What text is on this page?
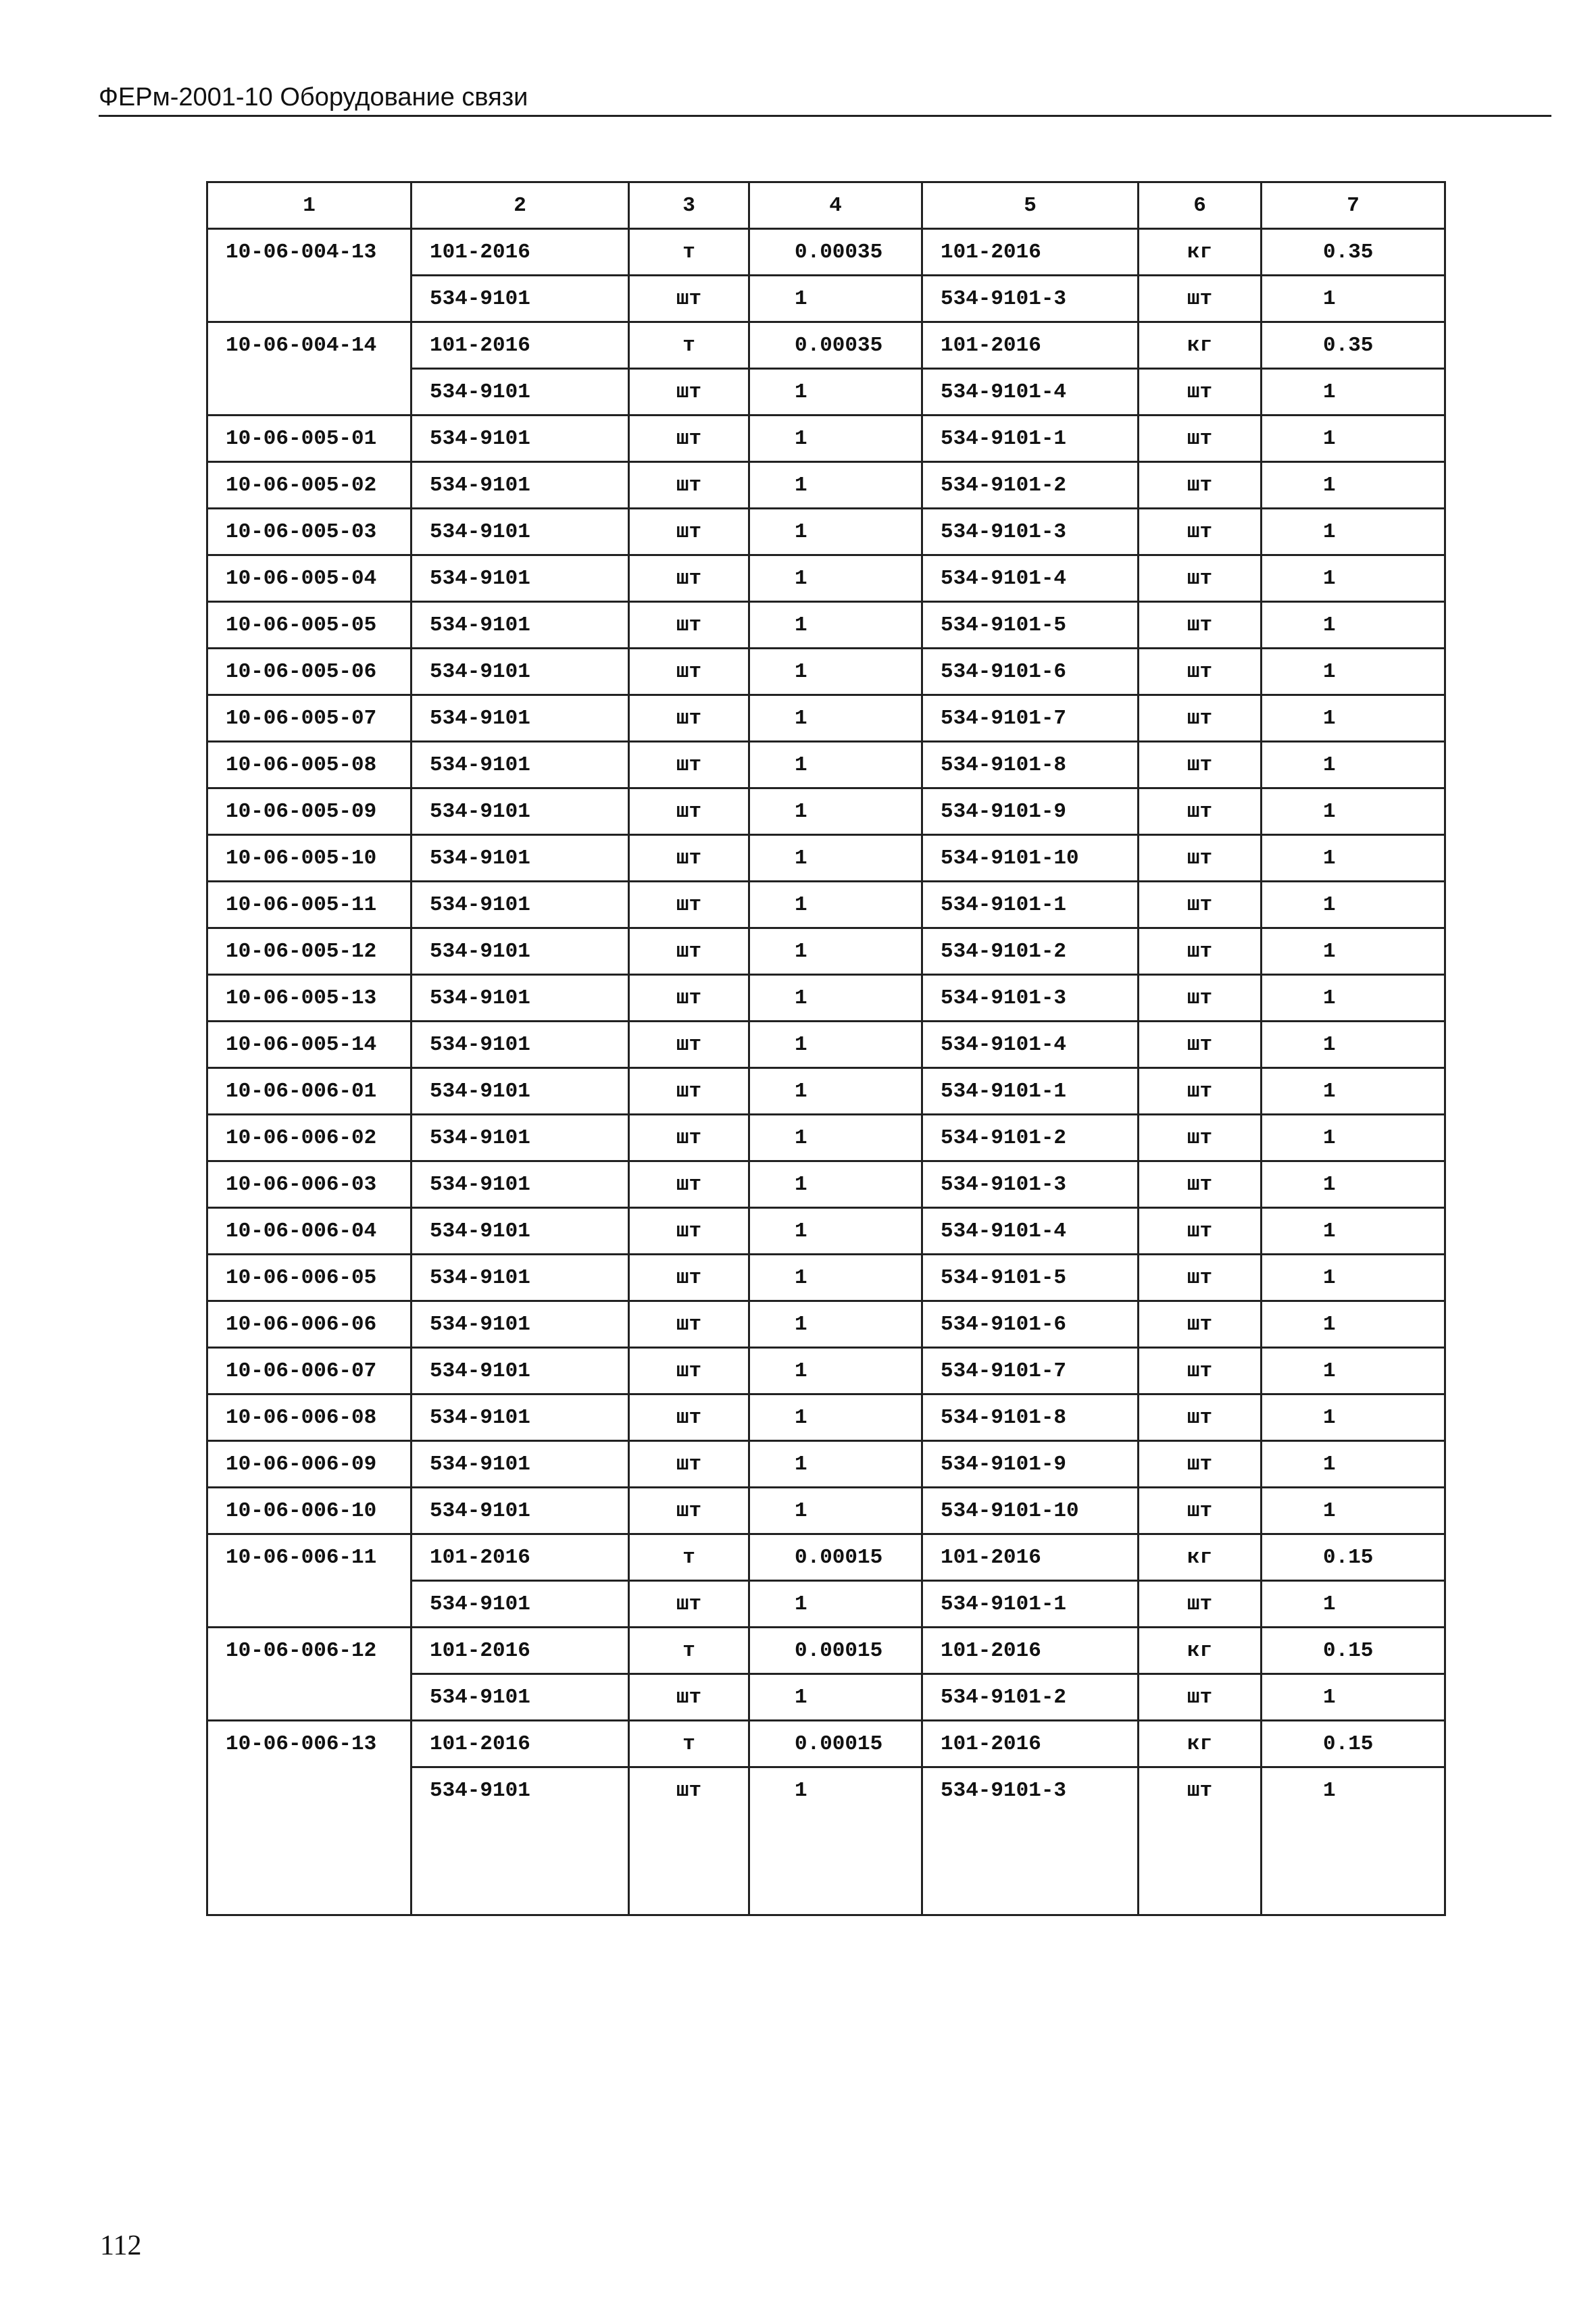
ФЕРм-2001-10 Оборудование связи
1	2	3	4	5	6	7
10-06-004-13	101-2016	т	0.00035	101-2016	кг	0.35
	534-9101	шт	1	534-9101-3	шт	1
10-06-004-14	101-2016	т	0.00035	101-2016	кг	0.35
	534-9101	шт	1	534-9101-4	шт	1
10-06-005-01	534-9101	шт	1	534-9101-1	шт	1
10-06-005-02	534-9101	шт	1	534-9101-2	шт	1
10-06-005-03	534-9101	шт	1	534-9101-3	шт	1
10-06-005-04	534-9101	шт	1	534-9101-4	шт	1
10-06-005-05	534-9101	шт	1	534-9101-5	шт	1
10-06-005-06	534-9101	шт	1	534-9101-6	шт	1
10-06-005-07	534-9101	шт	1	534-9101-7	шт	1
10-06-005-08	534-9101	шт	1	534-9101-8	шт	1
10-06-005-09	534-9101	шт	1	534-9101-9	шт	1
10-06-005-10	534-9101	шт	1	534-9101-10	шт	1
10-06-005-11	534-9101	шт	1	534-9101-1	шт	1
10-06-005-12	534-9101	шт	1	534-9101-2	шт	1
10-06-005-13	534-9101	шт	1	534-9101-3	шт	1
10-06-005-14	534-9101	шт	1	534-9101-4	шт	1
10-06-006-01	534-9101	шт	1	534-9101-1	шт	1
10-06-006-02	534-9101	шт	1	534-9101-2	шт	1
10-06-006-03	534-9101	шт	1	534-9101-3	шт	1
10-06-006-04	534-9101	шт	1	534-9101-4	шт	1
10-06-006-05	534-9101	шт	1	534-9101-5	шт	1
10-06-006-06	534-9101	шт	1	534-9101-6	шт	1
10-06-006-07	534-9101	шт	1	534-9101-7	шт	1
10-06-006-08	534-9101	шт	1	534-9101-8	шт	1
10-06-006-09	534-9101	шт	1	534-9101-9	шт	1
10-06-006-10	534-9101	шт	1	534-9101-10	шт	1
10-06-006-11	101-2016	т	0.00015	101-2016	кг	0.15
	534-9101	шт	1	534-9101-1	шт	1
10-06-006-12	101-2016	т	0.00015	101-2016	кг	0.15
	534-9101	шт	1	534-9101-2	шт	1
10-06-006-13	101-2016	т	0.00015	101-2016	кг	0.15
	534-9101	шт	1	534-9101-3	шт	1

112
